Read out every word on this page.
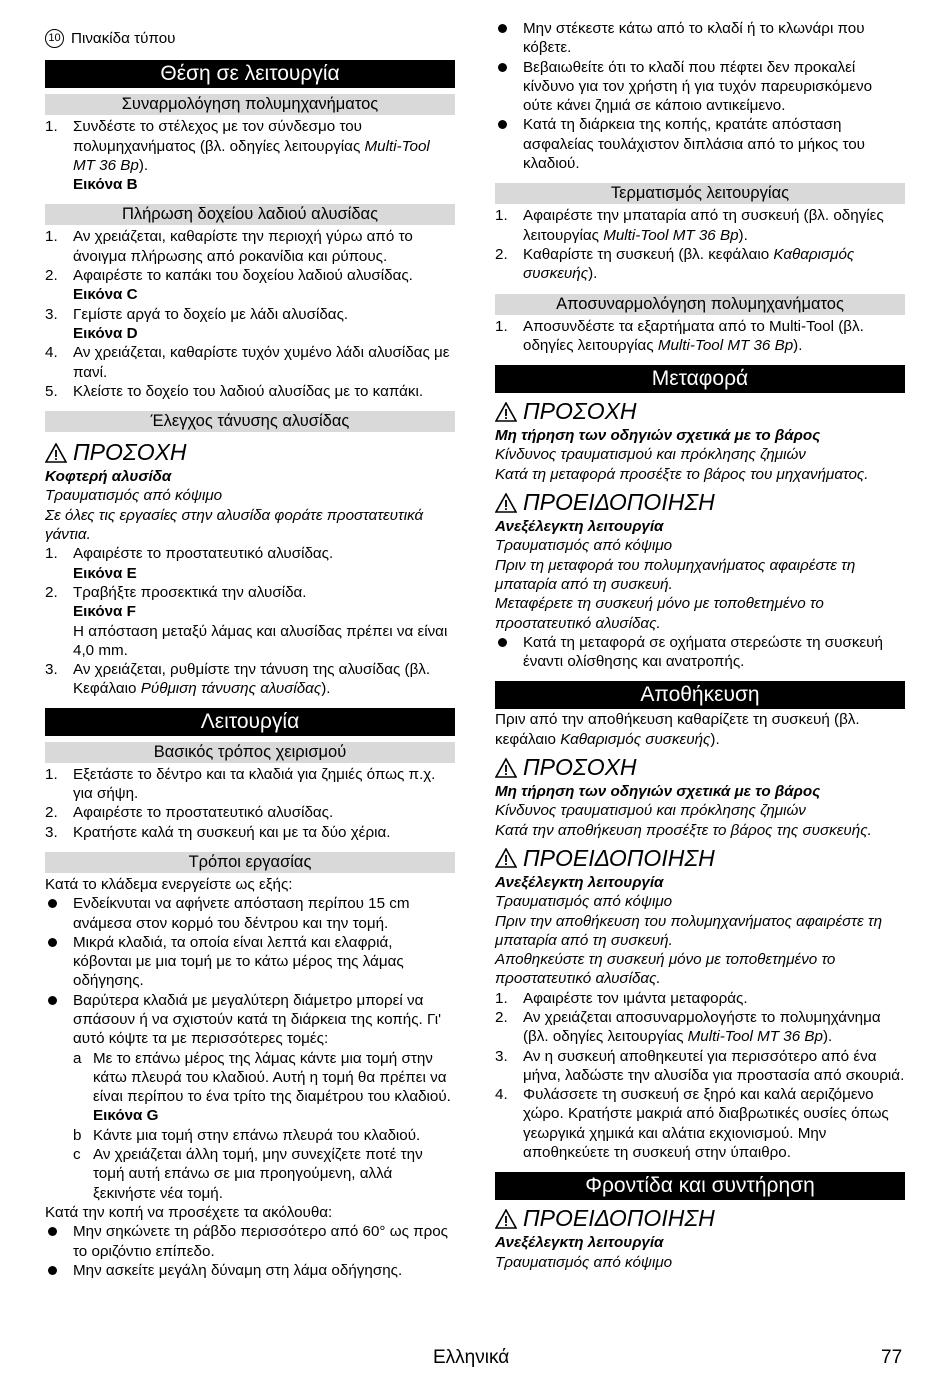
10 Πινακίδα τύπου
Θέση σε λειτουργία
Συναρμολόγηση πολυμηχανήματος
1. Συνδέστε το στέλεχος με τον σύνδεσμο του πολυμηχανήματος (βλ. οδηγίες λειτουργίας Multi-Tool MT 36 Bp).
Εικόνα B
Πλήρωση δοχείου λαδιού αλυσίδας
1. Αν χρειάζεται, καθαρίστε την περιοχή γύρω από το άνοιγμα πλήρωσης από ροκανίδια και ρύπους.
2. Αφαιρέστε το καπάκι του δοχείου λαδιού αλυσίδας.
Εικόνα C
3. Γεμίστε αργά το δοχείο με λάδι αλυσίδας.
Εικόνα D
4. Αν χρειάζεται, καθαρίστε τυχόν χυμένο λάδι αλυσίδας με πανί.
5. Κλείστε το δοχείο του λαδιού αλυσίδας με το καπάκι.
Έλεγχος τάνυσης αλυσίδας
ΠΡΟΣΟΧΗ

Κοφτερή αλυσίδα

Τραυματισμός από κόψιμο

Σε όλες τις εργασίες στην αλυσίδα φοράτε προστατευτικά γάντια.

1. Αφαιρέστε το προστατευτικό αλυσίδας.
Εικόνα E
2. Τραβήξτε προσεκτικά την αλυσίδα.
Εικόνα F
Η απόσταση μεταξύ λάμας και αλυσίδας πρέπει να είναι 4,0 mm.
3. Αν χρειάζεται, ρυθμίστε την τάνυση της αλυσίδας (βλ. Κεφάλαιο Ρύθμιση τάνυσης αλυσίδας).
Λειτουργία
Βασικός τρόπος χειρισμού
1. Εξετάστε το δέντρο και τα κλαδιά για ζημιές όπως π.χ. για σήψη.
2. Αφαιρέστε το προστατευτικό αλυσίδας.
3. Κρατήστε καλά τη συσκευή και με τα δύο χέρια.
Τρόποι εργασίας

Κατά το κλάδεμα ενεργείστε ως εξής:

Ενδείκνυται να αφήνετε απόσταση περίπου 15 cm ανάμεσα στον κορμό του δέντρου και την τομή.
Μικρά κλαδιά, τα οποία είναι λεπτά και ελαφριά, κόβονται με μια τομή με το κάτω μέρος της λάμας οδήγησης.
Βαρύτερα κλαδιά με μεγαλύτερη διάμετρο μπορεί να σπάσουν ή να σχιστούν κατά τη διάρκεια της κοπής. Γι' αυτό κόψτε τα με περισσότερες τομές:
a Με το επάνω μέρος της λάμας κάντε μια τομή στην κάτω πλευρά του κλαδιού. Αυτή η τομή θα πρέπει να είναι περίπου το ένα τρίτο της διαμέτρου του κλαδιού.
Εικόνα G
b Κάντε μια τομή στην επάνω πλευρά του κλαδιού.
c Αν χρειάζεται άλλη τομή, μην συνεχίζετε ποτέ την τομή αυτή επάνω σε μια προηγούμενη, αλλά ξεκινήστε νέα τομή.

Κατά την κοπή να προσέχετε τα ακόλουθα:

Μην σηκώνετε τη ράβδο περισσότερο από 60° ως προς το οριζόντιο επίπεδο.
Μην ασκείτε μεγάλη δύναμη στη λάμα οδήγησης.
Μην στέκεστε κάτω από το κλαδί ή το κλωνάρι που κόβετε.
Βεβαιωθείτε ότι το κλαδί που πέφτει δεν προκαλεί κίνδυνο για τον χρήστη ή για τυχόν παρευρισκόμενο ούτε κάνει ζημιά σε κάποιο αντικείμενο.
Κατά τη διάρκεια της κοπής, κρατάτε απόσταση ασφαλείας τουλάχιστον διπλάσια από το μήκος του κλαδιού.
Τερματισμός λειτουργίας
1. Αφαιρέστε την μπαταρία από τη συσκευή (βλ. οδηγίες λειτουργίας Multi-Tool MT 36 Bp).
2. Καθαρίστε τη συσκευή (βλ. κεφάλαιο Καθαρισμός συσκευής).
Αποσυναρμολόγηση πολυμηχανήματος
1. Αποσυνδέστε τα εξαρτήματα από το Multi-Tool (βλ. οδηγίες λειτουργίας Multi-Tool MT 36 Bp).
Μεταφορά
ΠΡΟΣΟΧΗ

Μη τήρηση των οδηγιών σχετικά με το βάρος

Κίνδυνος τραυματισμού και πρόκλησης ζημιών

Κατά τη μεταφορά προσέξτε το βάρος του μηχανήματος.

ΠΡΟΕΙΔΟΠΟΙΗΣΗ

Ανεξέλεγκτη λειτουργία

Τραυματισμός από κόψιμο

Πριν τη μεταφορά του πολυμηχανήματος αφαιρέστε τη μπαταρία από τη συσκευή.

Μεταφέρετε τη συσκευή μόνο με τοποθετημένο το προστατευτικό αλυσίδας.

Κατά τη μεταφορά σε οχήματα στερεώστε τη συσκευή έναντι ολίσθησης και ανατροπής.
Αποθήκευση

Πριν από την αποθήκευση καθαρίζετε τη συσκευή (βλ. κεφάλαιο Καθαρισμός συσκευής).

ΠΡΟΣΟΧΗ

Μη τήρηση των οδηγιών σχετικά με το βάρος

Κίνδυνος τραυματισμού και πρόκλησης ζημιών

Κατά την αποθήκευση προσέξτε το βάρος της συσκευής.

ΠΡΟΕΙΔΟΠΟΙΗΣΗ

Ανεξέλεγκτη λειτουργία

Τραυματισμός από κόψιμο

Πριν την αποθήκευση του πολυμηχανήματος αφαιρέστε τη μπαταρία από τη συσκευή.

Αποθηκεύστε τη συσκευή μόνο με τοποθετημένο το προστατευτικό αλυσίδας.

1. Αφαιρέστε τον ιμάντα μεταφοράς.
2. Αν χρειάζεται αποσυναρμολογήστε το πολυμηχάνημα (βλ. οδηγίες λειτουργίας Multi-Tool MT 36 Bp).
3. Αν η συσκευή αποθηκευτεί για περισσότερο από ένα μήνα, λαδώστε την αλυσίδα για προστασία από σκουριά.
4. Φυλάσσετε τη συσκευή σε ξηρό και καλά αεριζόμενο χώρο. Κρατήστε μακριά από διαβρωτικές ουσίες όπως γεωργικά χημικά και αλάτια εκχιονισμού. Μην αποθηκεύετε τη συσκευή στην ύπαιθρο.
Φροντίδα και συντήρηση
ΠΡΟΕΙΔΟΠΟΙΗΣΗ

Ανεξέλεγκτη λειτουργία

Τραυματισμός από κόψιμο

Ελληνικά	77
